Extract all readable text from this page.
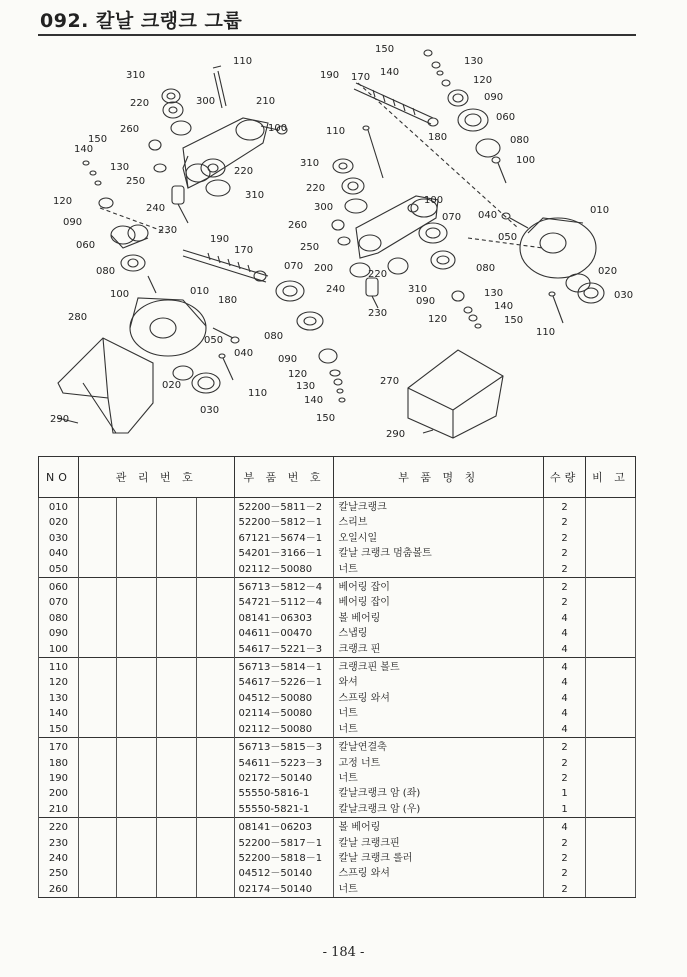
092. 칼날 크랭크 그룹
110
310
220	300	210
260	100
150
140
130
250
220
310
120
240
090
230
190
060	170
080	070
010
100
180
280
080
050
040
090
120
020
110
130
140
030
150
290
150
130
140
190 170	120
090
060
110
180	080
100
310
220
300
100
040	010
070
260
050
250
200
220
080	020
240	310	130	030
090	140
230
120	150
110
270
290
NO	관 리 번 호				부 품 번 호	부 품 명 칭	수량	비 고
010					52200－5811－2	칼날크랭크	2	
020					52200－5812－1	스리브	2	
030					67121－5674－1	오일시일	2	
040					54201－3166－1	칼날 크랭크 멈춤볼트	2	
050					02112－50080	너트	2	
060					56713－5812－4	베어링 잡이	2	
070					54721－5112－4	베어링 잡이	2	
080					08141－06303	볼 베어링	4	
090					04611－00470	스냅링	4	
100					54617－5221－3	크랭크 핀	4	
110					56713－5814－1	크랭크핀 볼트	4	
120					54617－5226－1	와셔	4	
130					04512－50080	스프링 와셔	4	
140					02114－50080	너트	4	
150					02112－50080	너트	4	
170					56713－5815－3	칼날연결축	2	
180					54611－5223－3	고정 너트	2	
190					02172－50140	너트	2	
200					55550-5816-1	칼날크랭크 암 (좌)	1	
210					55550-5821-1	칼날크랭크 암 (우)	1	
220					08141－06203	볼 베어링	4	
230					52200－5817－1	칼날 크랭크핀	2	
240					52200－5818－1	칼날 크랭크 롤러	2	
250					04512－50140	스프링 와셔	2	
260					02174－50140	너트	2	
- 184 -
